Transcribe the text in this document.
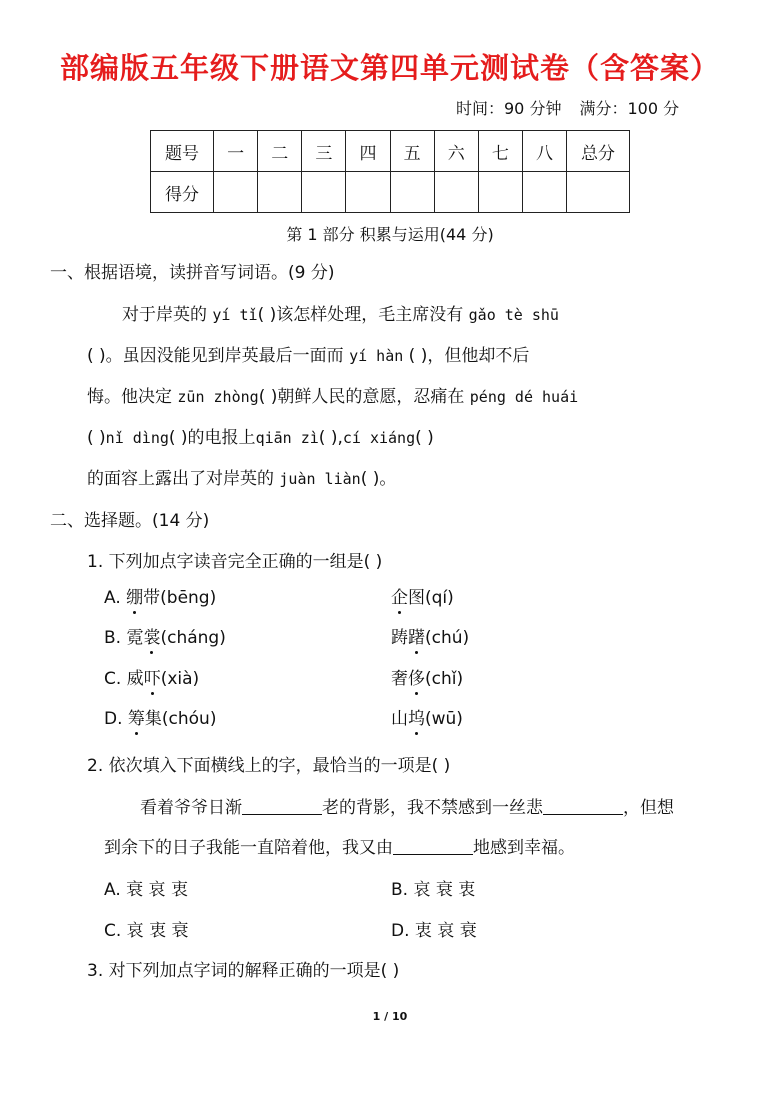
部编版五年级下册语文第四单元测试卷（含答案）
时间：90 分钟 满分：100 分
题号	一	二	三	四	五	六	七	八	总分
得分									
第 1 部分 积累与运用(44 分)
一、根据语境，读拼音写词语。(9 分)
对于岸英的 yí tǐ( )该怎样处理，毛主席没有 gǎo tè shū
( )。虽因没能见到岸英最后一面而 yí hàn ( )，但他却不后
悔。他决定 zūn zhòng( )朝鲜人民的意愿，忍痛在 péng dé huái
( )nǐ dìng( )的电报上qiān zì( ),cí xiáng( )
的面容上露出了对岸英的 juàn liàn( )。
二、选择题。(14 分)
1. 下列加点字读音完全正确的一组是( )
A. 绷带(bēng)	企图(qí)
B. 霓裳(cháng)	踌躇(chú)
C. 威吓(xià)	奢侈(chǐ)
D. 筹集(chóu)	山坞(wū)
2. 依次填入下面横线上的字，最恰当的一项是( )
看着爷爷日渐	老的背影，我不禁感到一丝悲	，但想
到余下的日子我能一直陪着他，我又由	地感到幸福。
A. 衰 哀 衷	B. 哀 衰 衷
C. 哀 衷 衰	D. 衷 哀 衰
3. 对下列加点字词的解释正确的一项是( )
1 / 10
